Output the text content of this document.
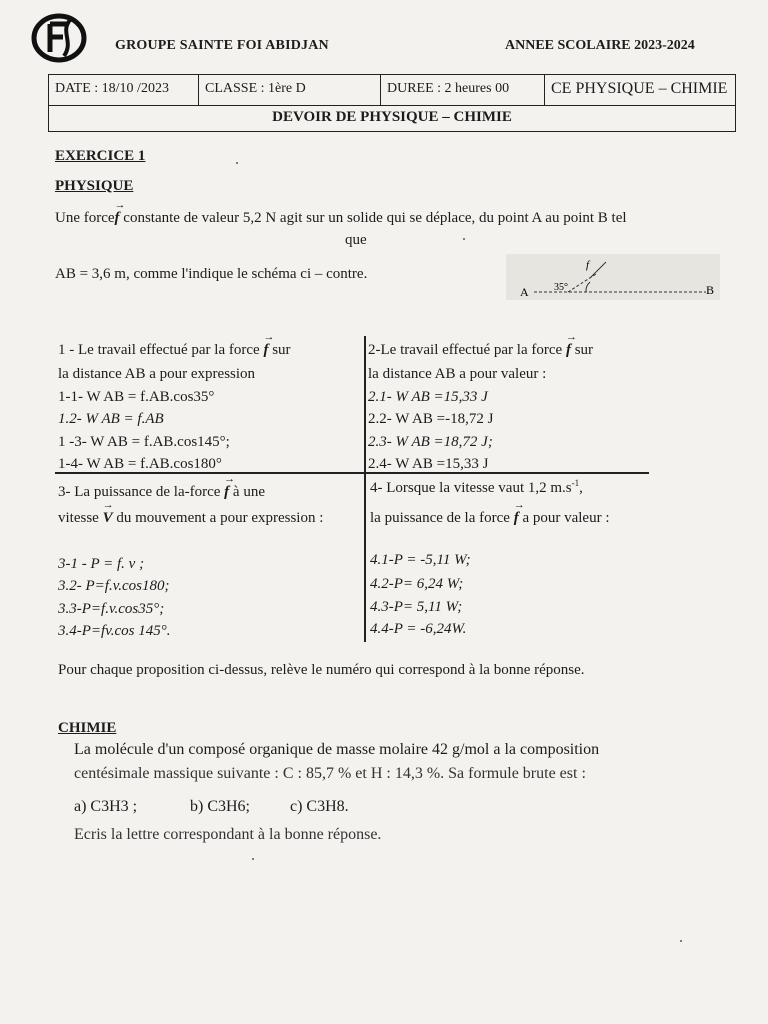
GROUPE SAINTE FOI ABIDJAN	ANNEE SCOLAIRE 2023-2024
DATE : 18/10 /2023	CLASSE : 1ère D	DUREE : 2 heures 00	CE PHYSIQUE – CHIMIE
DEVOIR DE PHYSIQUE – CHIMIE
EXERCICE 1
PHYSIQUE
Une force→ f constante de valeur 5,2 N agit sur un solide qui se déplace, du point A au point B tel
que
AB = 3,6 m, comme l'indique le schéma ci – contre.
A	B
35°
f
1 - Le travail effectué par la force → f sur
la distance AB a pour expression
1-1- W AB = f.AB.cos35°
1.2- W AB = f.AB
1 -3- W AB = f.AB.cos145°;
1-4- W AB = f.AB.cos180°
2-Le travail effectué par la force → f sur
la distance AB a pour valeur :
2.1- W AB =15,33 J
2.2- W AB =-18,72 J
2.3- W AB =18,72 J;
2.4- W AB =15,33 J
3- La puissance de la-force → f à une
vitesse → V du mouvement a pour expression :
3-1 - P = f. v ;
3.2- P=f.v.cos180;
3.3-P=f.v.cos35°;
3.4-P=fv.cos 145°.
4- Lorsque la vitesse vaut 1,2 $m.s^{-1}$,
la puissance de la force → f a pour valeur :
4.1-P = -5,11 W;
4.2-P= 6,24 W;
4.3-P= 5,11 W;
4.4-P = -6,24W.
Pour chaque proposition ci-dessus, relève le numéro qui correspond à la bonne réponse.
CHIMIE
La molécule d'un composé organique de masse molaire 42 g/mol a la composition
centésimale massique suivante : C : 85,7 % et H : 14,3 %. Sa formule brute est :
a) C3H3 ;	b) C3H6;	c) C3H8.
Ecris la lettre correspondant à la bonne réponse.
